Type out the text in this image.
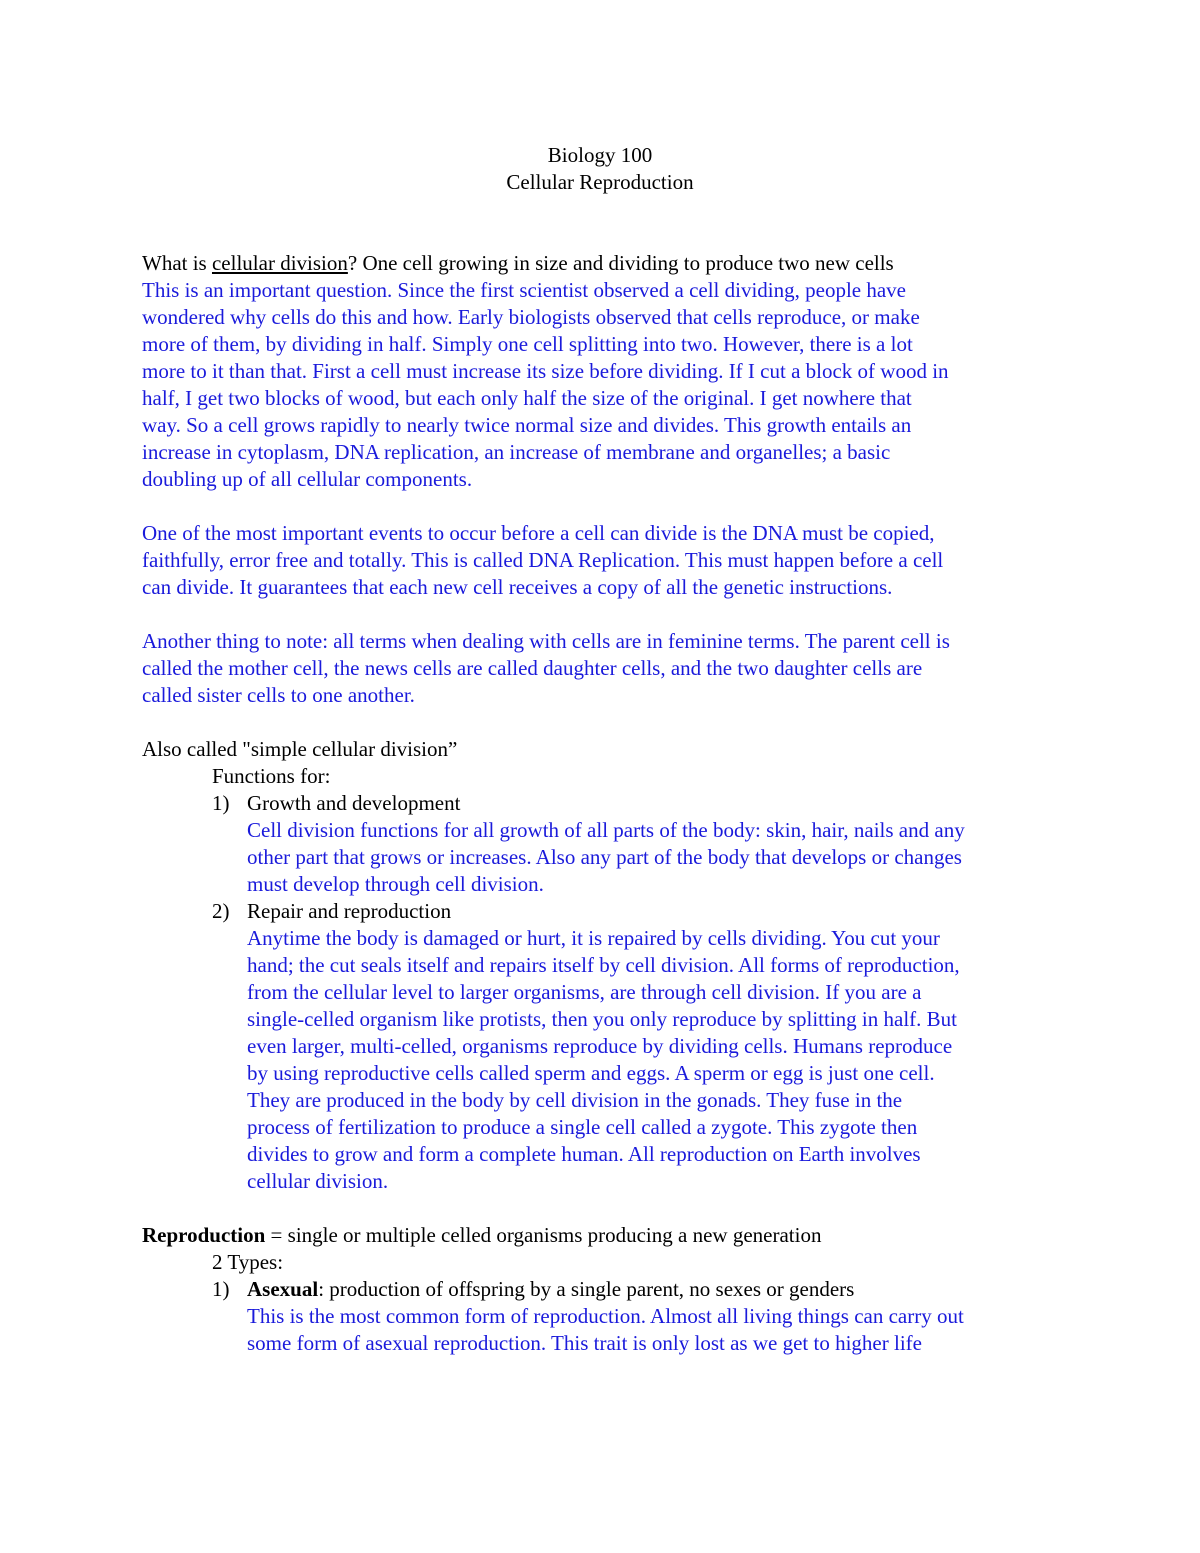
Biology 100
Cellular Reproduction
What is cellular division? One cell growing in size and dividing to produce two new cells
This is an important question. Since the first scientist observed a cell dividing, people have
wondered why cells do this and how. Early biologists observed that cells reproduce, or make
more of them, by dividing in half. Simply one cell splitting into two. However, there is a lot
more to it than that. First a cell must increase its size before dividing. If I cut a block of wood in
half, I get two blocks of wood, but each only half the size of the original. I get nowhere that
way. So a cell grows rapidly to nearly twice normal size and divides. This growth entails an
increase in cytoplasm, DNA replication, an increase of membrane and organelles; a basic
doubling up of all cellular components.
One of the most important events to occur before a cell can divide is the DNA must be copied,
faithfully, error free and totally. This is called DNA Replication. This must happen before a cell
can divide. It guarantees that each new cell receives a copy of all the genetic instructions.
Another thing to note: all terms when dealing with cells are in feminine terms. The parent cell is
called the mother cell, the news cells are called daughter cells, and the two daughter cells are
called sister cells to one another.
Also called "simple cellular division”
Functions for:
1) Growth and development
Cell division functions for all growth of all parts of the body: skin, hair, nails and any
other part that grows or increases. Also any part of the body that develops or changes
must develop through cell division.
2) Repair and reproduction
Anytime the body is damaged or hurt, it is repaired by cells dividing. You cut your
hand; the cut seals itself and repairs itself by cell division. All forms of reproduction,
from the cellular level to larger organisms, are through cell division. If you are a
single-celled organism like protists, then you only reproduce by splitting in half. But
even larger, multi-celled, organisms reproduce by dividing cells. Humans reproduce
by using reproductive cells called sperm and eggs. A sperm or egg is just one cell.
They are produced in the body by cell division in the gonads. They fuse in the
process of fertilization to produce a single cell called a zygote. This zygote then
divides to grow and form a complete human. All reproduction on Earth involves
cellular division.
Reproduction = single or multiple celled organisms producing a new generation
2 Types:
1) Asexual: production of offspring by a single parent, no sexes or genders
This is the most common form of reproduction. Almost all living things can carry out
some form of asexual reproduction. This trait is only lost as we get to higher life
